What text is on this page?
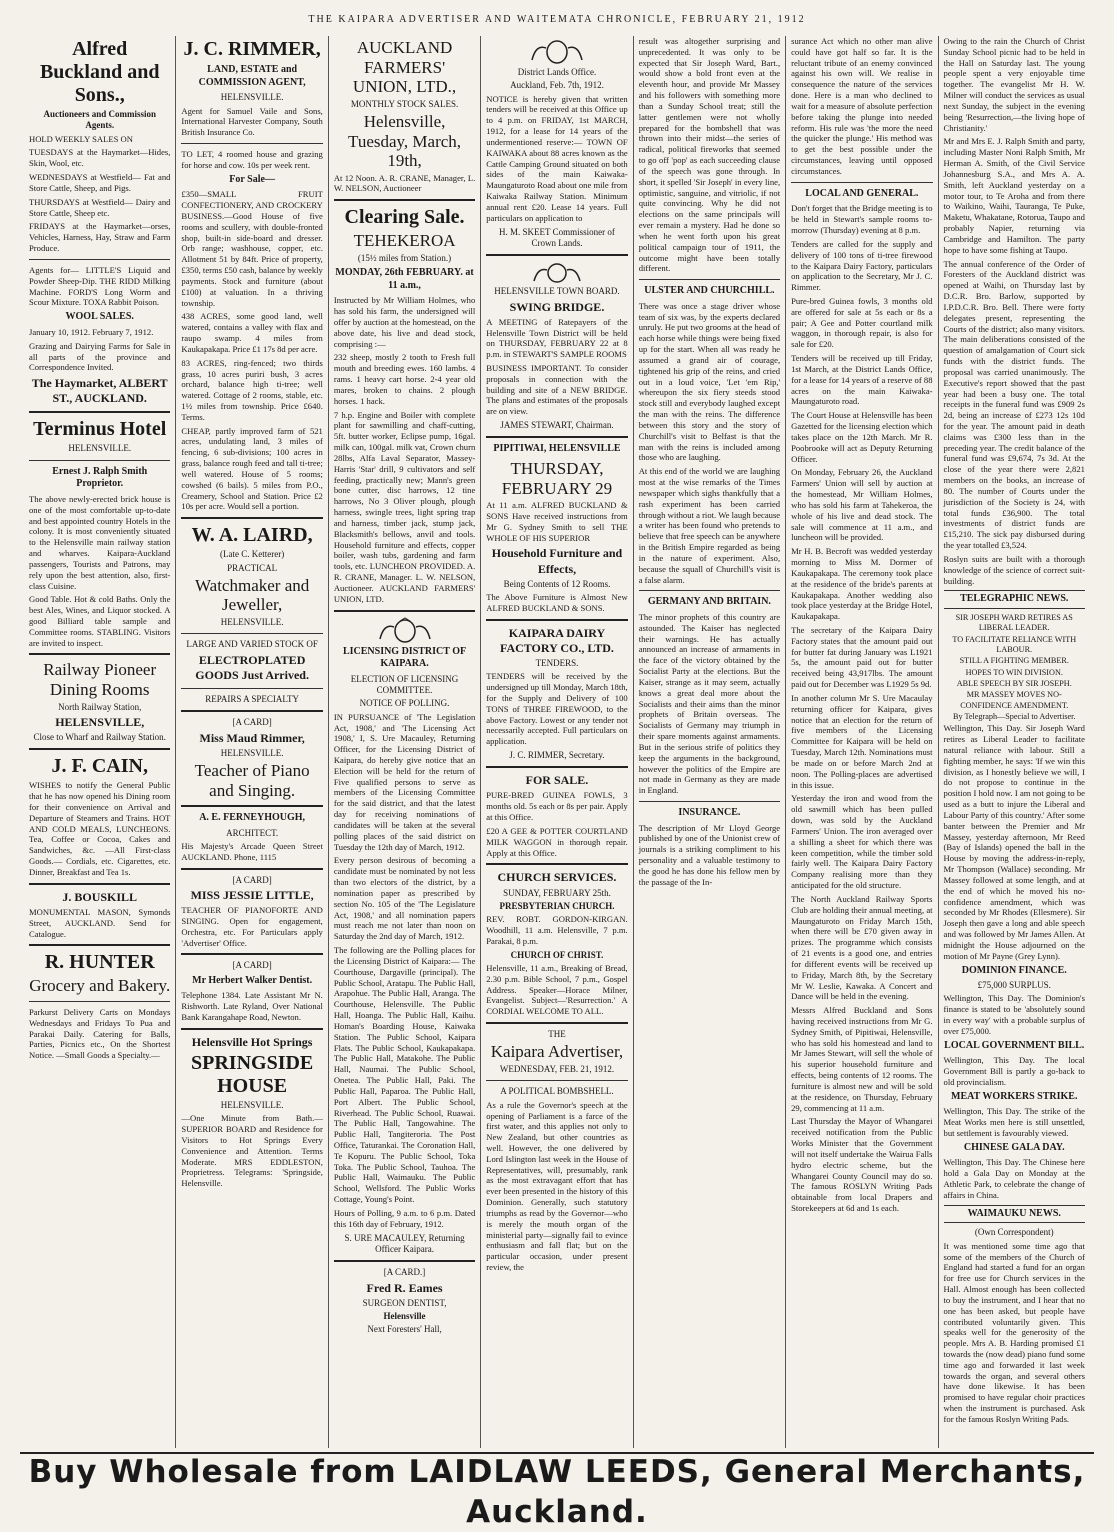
THE KAIPARA ADVERTISER AND WAITEMATA CHRONICLE, FEBRUARY 21, 1912
Alfred Buckland and Sons.,
Auctioneers and Commission Agents.

HOLD WEEKLY SALES ON

TUESDAYS at the Haymarket—Hides, Skin, Wool, etc.

WEDNESDAYS at Westfield— Fat and Store Cattle, Sheep, and Pigs.

THURSDAYS at Westfield— Dairy and Store Cattle, Sheep etc.

FRIDAYS at the Haymarket—orses, Vehicles, Harness, Hay, Straw and Farm Produce.

Agents for— LITTLE'S Liquid and Powder Sheep-Dip. THE RIDD Milking Machine. FORD'S Long Worm and Scour Mixture. TOXA Rabbit Poison.

WOOL SALES.

January 10, 1912. February 7, 1912.

Grazing and Dairying Farms for Sale in all parts of the province and Correspondence Invited.

The Haymarket, ALBERT ST., AUCKLAND.
Terminus Hotel
HELENSVILLE.
Ernest J. Ralph Smith Proprietor.

The above newly-erected brick house is one of the most comfortable up-to-date and best appointed country Hotels in the colony. It is most conveniently situated to the Helensville main railway station and wharves. Kaipara-Auckland passengers, Tourists and Patrons, may rely upon the best attention, also, first-class Cuisine.

Good Table. Hot & cold Baths. Only the best Ales, Wines, and Liquor stocked. A good Billiard table sample and Committee rooms. STABLING. Visitors are invited to inspect.

Railway Pioneer Dining Rooms
North Railway Station,
HELENSVILLE,
Close to Wharf and Railway Station.
J. F. CAIN,

WISHES to notify the General Public that he has now opened his Dining room for their convenience on Arrival and Departure of Steamers and Trains. HOT AND COLD MEALS, LUNCHEONS. Tea, Coffee or Cocoa, Cakes and Sandwiches, &c. —All First-class Goods.— Cordials, etc. Cigarettes, etc. Dinner, Breakfast and Tea 1s.

J. BOUSKILL

MONUMENTAL MASON, Symonds Street, AUCKLAND. Send for Catalogue.

R. HUNTER
Grocery and Bakery.

Parkurst Delivery Carts on Mondays Wednesdays and Fridays To Pua and Parakai Daily. Catering for Balls, Parties, Picnics etc., On the Shortest Notice. —Small Goods a Specialty.—

J. C. RIMMER,
LAND, ESTATE and COMMISSION AGENT,
HELENSVILLE.

Agent for Samuel Vaile and Sons, International Harvester Company, South British Insurance Co.

TO LET, 4 roomed house and grazing for horse and cow. 10s per week rent.

For Sale—

£350—SMALL FRUIT CONFECTIONERY, AND CROCKERY BUSINESS.—Good House of five rooms and scullery, with double-fronted shop, built-in side-board and dresser. Orb range; washhouse, copper, etc. Allotment 51 by 84ft. Price of property, £350, terms £50 cash, balance by weekly payments. Stock and furniture (about £100) at valuation. In a thriving township.

438 ACRES, some good land, well watered, contains a valley with flax and raupo swamp. 4 miles from Kaukapakapa. Price £1 17s 8d per acre.

83 ACRES, ring-fenced; two thirds grass, 10 acres puriri bush, 3 acres orchard, balance high ti-tree; well watered. Cottage of 2 rooms, stable, etc. 1½ miles from township. Price £640. Terms.

CHEAP, partly improved farm of 521 acres, undulating land, 3 miles of fencing, 6 sub-divisions; 100 acres in grass, balance rough feed and tall ti-tree; well watered. House of 5 rooms; cowshed (6 bails). 5 miles from P.O., Creamery, School and Station. Price £2 10s per acre. Would sell a portion.

W. A. LAIRD,
(Late C. Ketterer)
PRACTICAL
Watchmaker and Jeweller,
HELENSVILLE.
LARGE AND VARIED STOCK OF
ELECTROPLATED GOODS Just Arrived.
REPAIRS A SPECIALTY
[A CARD]
Miss Maud Rimmer,
HELENSVILLE.
Teacher of Piano and Singing.
A. E. FERNEYHOUGH,
ARCHITECT.

His Majesty's Arcade Queen Street AUCKLAND. Phone, 1115

[A CARD]
MISS JESSIE LITTLE,

TEACHER OF PIANOFORTE AND SINGING. Open for engagement, Orchestra, etc. For Particulars apply 'Advertiser' Office.

[A CARD]
Mr Herbert Walker Dentist.

Telephone 1384. Late Assistant Mr N. Rishworth. Late Ryland, Over National Bank Karangahape Road, Newton.

Helensville Hot Springs
SPRINGSIDE HOUSE
HELENSVILLE.

—One Minute from Bath.— SUPERIOR BOARD and Residence for Visitors to Hot Springs Every Convenience and Attention. Terms Moderate. MRS EDDLESTON, Proprietress. Telegrams: 'Springside, Helensville.

AUCKLAND FARMERS' UNION, LTD.,
MONTHLY STOCK SALES.
Helensville, Tuesday, March, 19th,

At 12 Noon. A. R. CRANE, Manager, L. W. NELSON, Auctioneer

Clearing Sale.
TEHEKEROA
(15½ miles from Station.)
MONDAY, 26th FEBRUARY. at 11 a.m.,

Instructed by Mr William Holmes, who has sold his farm, the undersigned will offer by auction at the homestead, on the above date, his live and dead stock, comprising :—

232 sheep, mostly 2 tooth to Fresh full mouth and breeding ewes. 160 lambs. 4 rams. 1 heavy cart horse. 2-4 year old mares, broken to chains. 2 plough horses. 1 hack.

7 h.p. Engine and Boiler with complete plant for sawmilling and chaff-cutting, 5ft. butter worker, Eclipse pump, 16gal. milk can, 100gal. milk vat, Crown churn 28lbs, Alfa Laval Separator, Massey-Harris 'Star' drill, 9 cultivators and self feeding, practically new; Mann's green bone cutter, disc harrows, 12 tine harrows, No 3 Oliver plough, plough harness, swingle trees, light spring trap and harness, timber jack, stump jack, Blacksmith's bellows, anvil and tools. Household furniture and effects, copper boiler, wash tubs, gardening and farm tools, etc. LUNCHEON PROVIDED. A. R. CRANE, Manager. L. W. NELSON, Auctioneer. AUCKLAND FARMERS' UNION, LTD.

LICENSING DISTRICT OF KAIPARA.
ELECTION OF LICENSING COMMITTEE.
NOTICE OF POLLING.

IN PURSUANCE of 'The Legislation Act, 1908,' and 'The Licensing Act 1908,' I, S. Ure Macauley, Returning Officer, for the Licensing District of Kaipara, do hereby give notice that an Election will be held for the return of Five qualified persons to serve as members of the Licensing Committee for the said district, and that the latest day for receiving nominations of candidates will be taken at the several polling places of the said district on Tuesday the 12th day of March, 1912.

Every person desirous of becoming a candidate must be nominated by not less than two electors of the district, by a nomination paper as prescribed by section No. 105 of the 'The Legislature Act, 1908,' and all nomination papers must reach me not later than noon on Saturday the 2nd day of March, 1912.

The following are the Polling places for the Licensing District of Kaipara:— The Courthouse, Dargaville (principal). The Public School, Aratapu. The Public Hall, Arapohue. The Public Hall, Aranga. The Courthouse, Helensville. The Public Hall, Hoanga. The Public Hall, Kaihu. Homan's Boarding House, Kaiwaka Station. The Public School, Kaipara Flats. The Public School, Kaukapakapa. The Public Hall, Matakohe. The Public Hall, Naumai. The Public School, Onetea. The Public Hall, Paki. The Public Hall, Paparoa. The Public Hall, Port Albert. The Public School, Riverhead. The Public School, Ruawai. The Public Hall, Tangowahine. The Public Hall, Tangiteroria. The Post Office, Taturankai. The Coronation Hall, Te Kopuru. The Public School, Toka Toka. The Public School, Tauhoa. The Public Hall, Waimauku. The Public School, Wellsford. The Public Works Cottage, Young's Point.

Hours of Polling, 9 a.m. to 6 p.m. Dated this 16th day of February, 1912.

S. URE MACAULEY, Returning Officer Kaipara.
[A CARD.]
Fred R. Eames
SURGEON DENTIST,
Helensville
Next Foresters' Hall,
District Lands Office.
Auckland, Feb. 7th, 1912.

NOTICE is hereby given that written tenders will be received at this Office up to 4 p.m. on FRIDAY, 1st MARCH, 1912, for a lease for 14 years of the undermentioned reserve:— TOWN OF KAIWAKA about 88 acres known as the Cattle Camping Ground situated on both sides of the main Kaiwaka-Maungaturoto Road about one mile from Kaiwaka Railway Station. Minimum annual rent £20. Lease 14 years. Full particulars on application to

H. M. SKEET Commissioner of Crown Lands.
HELENSVILLE TOWN BOARD.
SWING BRIDGE.

A MEETING of Ratepayers of the Helensville Town District will be held on THURSDAY, FEBRUARY 22 at 8 p.m. in STEWART'S SAMPLE ROOMS

BUSINESS IMPORTANT. To consider proposals in connection with the building and site of a NEW BRIDGE. The plans and estimates of the proposals are on view.

JAMES STEWART, Chairman.
PIPITIWAI, HELENSVILLE
THURSDAY, FEBRUARY 29

At 11 a.m. ALFRED BUCKLAND & SONS Have received instructions from Mr G. Sydney Smith to sell THE WHOLE OF HIS SUPERIOR

Household Furniture and Effects,
Being Contents of 12 Rooms.

The Above Furniture is Almost New ALFRED BUCKLAND & SONS.

KAIPARA DAIRY FACTORY CO., LTD.
TENDERS.

TENDERS will be received by the undersigned up till Monday, March 18th, for the Supply and Delivery of 100 TONS of THREE FIREWOOD, to the above Factory. Lowest or any tender not necessarily accepted. Full particulars on application.

J. C. RIMMER, Secretary.
FOR SALE.

PURE-BRED GUINEA FOWLS, 3 months old. 5s each or 8s per pair. Apply at this Office.

£20 A GEE & POTTER COURTLAND MILK WAGGON in thorough repair. Apply at this Office.

CHURCH SERVICES.
SUNDAY, FEBRUARY 25th.
PRESBYTERIAN CHURCH.

REV. ROBT. GORDON-KIRGAN. Woodhill, 11 a.m. Helensville, 7 p.m. Parakai, 8 p.m.

CHURCH OF CHRIST.

Helensville, 11 a.m., Breaking of Bread, 2.30 p.m. Bible School, 7 p.m., Gospel Address. Speaker—Horace Milner, Evangelist. Subject—'Resurrection.' A CORDIAL WELCOME TO ALL.

THE
Kaipara Advertiser,
WEDNESDAY, FEB. 21, 1912.
A POLITICAL BOMBSHELL.

As a rule the Governor's speech at the opening of Parliament is a farce of the first water, and this applies not only to New Zealand, but other countries as well. However, the one delivered by Lord Islington last week in the House of Representatives, will, presumably, rank as the most extravagant effort that has ever been presented in the history of this Dominion. Generally, such statutory triumphs as read by the Governor—who is merely the mouth organ of the ministerial party—signally fail to evince enthusiasm and fall flat; but on the particular occasion, under present review, the

result was altogether surprising and unprecedented. It was only to be expected that Sir Joseph Ward, Bart., would show a bold front even at the eleventh hour, and provide Mr Massey and his followers with something more than a Sunday School treat; still the latter gentlemen were not wholly prepared for the bombshell that was thrown into their midst—the series of radical, political fireworks that seemed to go off 'pop' as each succeeding clause of the speech was gone through. In short, it spelled 'Sir Joseph' in every line, optimistic, sanguine, and vitriolic, if not quite convincing. Why he did not elections on the same principals will ever remain a mystery. Had he done so when he went forth upon his great political campaign tour of 1911, the outcome might have been totally different.

ULSTER AND CHURCHILL.

There was once a stage driver whose team of six was, by the experts declared unruly. He put two grooms at the head of each horse while things were being fixed up for the start. When all was ready he assumed a grand air of courage, tightened his grip of the reins, and cried out in a loud voice, 'Let 'em Rip,' whereupon the six fiery steeds stood stock still and everybody laughed except the man with the reins. The difference between this story and the story of Churchill's visit to Belfast is that the man with the reins is included among those who are laughing.

At this end of the world we are laughing most at the wise remarks of the Times newspaper which sighs thankfully that a rash experiment has been carried through without a riot. We laugh because a writer has been found who pretends to believe that free speech can be anywhere in the British Empire regarded as being in the nature of experiment. Also, because the squall of Churchill's visit is a false alarm.

GERMANY AND BRITAIN.

The minor prophets of this country are astounded. The Kaiser has neglected their warnings. He has actually announced an increase of armaments in the face of the victory obtained by the Socialist Party at the elections. But the Kaiser, strange as it may seem, actually knows a great deal more about the Socialists and their aims than the minor prophets of Britain overseas. The Socialists of Germany may triumph in their spare moments against armaments. But in the serious strife of politics they keep the arguments in the background, however the politics of the Empire are not made in Germany as they are made in England.

INSURANCE.

The description of Mr Lloyd George published by one of the Unionist crew of journals is a striking compliment to his personality and a valuable testimony to the good he has done his fellow men by the passage of the In-

surance Act which no other man alive could have got half so far. It is the reluctant tribute of an enemy convinced against his own will. We realise in consequence the nature of the services done. Here is a man who declined to wait for a measure of absolute perfection before taking the plunge into needed reform. His rule was 'the more the need the quicker the plunge.' His method was to get the best possible under the circumstances, leaving until opposed circumstances.

LOCAL AND GENERAL.

Don't forget that the Bridge meeting is to be held in Stewart's sample rooms to-morrow (Thursday) evening at 8 p.m.

Tenders are called for the supply and delivery of 100 tons of ti-tree firewood to the Kaipara Dairy Factory, particulars on application to the Secretary, Mr J. C. Rimmer.

Pure-bred Guinea fowls, 3 months old are offered for sale at 5s each or 8s a pair; A Gee and Potter courtland milk waggon, in thorough repair, is also for sale for £20.

Tenders will be received up till Friday, 1st March, at the District Lands Office, for a lease for 14 years of a reserve of 88 acres on the main Kaiwaka-Maungaturoto road.

The Court House at Helensville has been Gazetted for the licensing election which takes place on the 12th March. Mr R. Poobrooke will act as Deputy Returning Officer.

On Monday, February 26, the Auckland Farmers' Union will sell by auction at the homestead, Mr William Holmes, who has sold his farm at Tahekeroa, the whole of his live and dead stock. The sale will commence at 11 a.m., and luncheon will be provided.

Mr H. B. Becroft was wedded yesterday morning to Miss M. Dormer of Kaukapakapa. The ceremony took place at the residence of the bride's parents at Kaukapakapa. Another wedding also took place yesterday at the Bridge Hotel, Kaukapakapa.

The secretary of the Kaipara Dairy Factory states that the amount paid out for butter fat during January was L1921 5s, the amount paid out for butter received being 43,917lbs. The amount paid out for December was L1929 5s 9d.

In another column Mr S. Ure Macaulay returning officer for Kaipara, gives notice that an election for the return of five members of the Licensing Committee for Kaipara will be held on Tuesday, March 12th. Nominations must be made on or before March 2nd at noon. The Polling-places are advertised in this issue.

Yesterday the iron and wood from the old sawmill which has been pulled down, was sold by the Auckland Farmers' Union. The iron averaged over a shilling a sheet for which there was keen competition, while the timber sold fairly well. The Kaipara Dairy Factory Company realising more than they anticipated for the old structure.

The North Auckland Railway Sports Club are holding their annual meeting, at Maungaturoto on Friday March 15th, when there will be £70 given away in prizes. The programme which consists of 21 events is a good one, and entries for different events will be received up to Friday, March 8th, by the Secretary Mr W. Leslie, Kawaka. A Concert and Dance will be held in the evening.

Messrs Alfred Buckland and Sons having received instructions from Mr G. Sydney Smith, of Pipitiwai, Helensville, who has sold his homestead and land to Mr James Stewart, will sell the whole of his superior household furniture and effects, being contents of 12 rooms. The furniture is almost new and will be sold at the residence, on Thursday, February 29, commencing at 11 a.m.

Last Thursday the Mayor of Whangarei received notification from the Public Works Minister that the Government will not itself undertake the Wairua Falls hydro electric scheme, but the Whangarei County Council may do so. The famous ROSLYN Writing Pads obtainable from local Drapers and Storekeepers at 6d and 1s each.

Owing to the rain the Church of Christ Sunday School picnic had to be held in the Hall on Saturday last. The young people spent a very enjoyable time together. The evangelist Mr H. W. Milner will conduct the services as usual next Sunday, the subject in the evening being 'Resurrection,—the living hope of Christianity.'

Mr and Mrs E. J. Ralph Smith and party, including Master Noni Ralph Smith, Mr Herman A. Smith, of the Civil Service Johannesburg S.A., and Mrs A. A. Smith, left Auckland yesterday on a motor tour, to Te Aroha and from there to Waikino, Waihi, Tauranga, Te Puke, Maketu, Whakatane, Rotorua, Taupo and probably Napier, returning via Cambridge and Hamilton. The party hope to have some fishing at Taupo.

The annual conference of the Order of Foresters of the Auckland district was opened at Waihi, on Thursday last by D.C.R. Bro. Barlow, supported by I.P.D.C.R. Bro. Bell. There were forty delegates present, representing the Courts of the district; also many visitors. The main deliberations consisted of the question of amalgamation of Court sick funds with the district funds. The proposal was carried unanimously. The Executive's report showed that the past year had been a busy one. The total receipts in the funeral fund was £909 2s 2d, being an increase of £273 12s 10d for the year. The amount paid in death claims was £300 less than in the preceding year. The credit balance of the funeral fund was £9,674, 7s 3d. At the close of the year there were 2,821 members on the books, an increase of 80. The number of Courts under the jurisdiction of the Society is 24, with total funds £36,900. The total investments of district funds are £15,210. The sick pay disbursed during the year totalled £3,524.

Roslyn suits are built with a thorough knowledge of the science of correct suit-building.

TELEGRAPHIC NEWS.
SIR JOSEPH WARD RETIRES AS LIBERAL LEADER.
TO FACILITATE RELIANCE WITH LABOUR.
STILL A FIGHTING MEMBER.
HOPES TO WIN DIVISION.
ABLE SPEECH BY SIR JOSEPH.
MR MASSEY MOVES NO-CONFIDENCE AMENDMENT.
By Telegraph—Special to Advertiser.

Wellington, This Day. Sir Joseph Ward retires as Liberal Leader to facilitate natural reliance with labour. Still a fighting member, he says: 'If we win this division, as I honestly believe we will, I do not propose to continue in the position I hold now. I am not going to be used as a butt to injure the Liberal and Labour Party of this country.' After some banter between the Premier and Mr Massey, yesterday afternoon, Mr Reed (Bay of Islands) opened the ball in the House by moving the address-in-reply, Mr Thompson (Wallace) seconding. Mr Massey followed at some length, and at the end of which he moved his no-confidence amendment, which was seconded by Mr Rhodes (Ellesmere). Sir Joseph then gave a long and able speech and was followed by Mr James Allen. At midnight the House adjourned on the motion of Mr Payne (Grey Lynn).

DOMINION FINANCE.
£75,000 SURPLUS.

Wellington, This Day. The Dominion's finance is stated to be 'absolutely sound in every way' with a probable surplus of over £75,000.

LOCAL GOVERNMENT BILL.

Wellington, This Day. The local Government Bill is partly a go-back to old provincialism.

MEAT WORKERS STRIKE.

Wellington, This Day. The strike of the Meat Works men here is still unsettled, but settlement is favourably viewed.

CHINESE GALA DAY.

Wellington, This Day. The Chinese here hold a Gala Day on Monday at the Athletic Park, to celebrate the change of affairs in China.

WAIMAUKU NEWS.
(Own Correspondent)

It was mentioned some time ago that some of the members of the Church of England had started a fund for an organ for free use for Church services in the Hall. Almost enough has been collected to buy the instrument, and I hear that no one has been asked, but people have contributed voluntarily given. This speaks well for the generosity of the people. Mrs A. B. Harding promised £1 towards the (now dead) piano fund some time ago and forwarded it last week towards the organ, and several others have done likewise. It has been promised to have regular choir practices when the instrument is purchased. Ask for the famous Roslyn Writing Pads.

Buy Wholesale from LAIDLAW LEEDS, General Merchants, Auckland.
